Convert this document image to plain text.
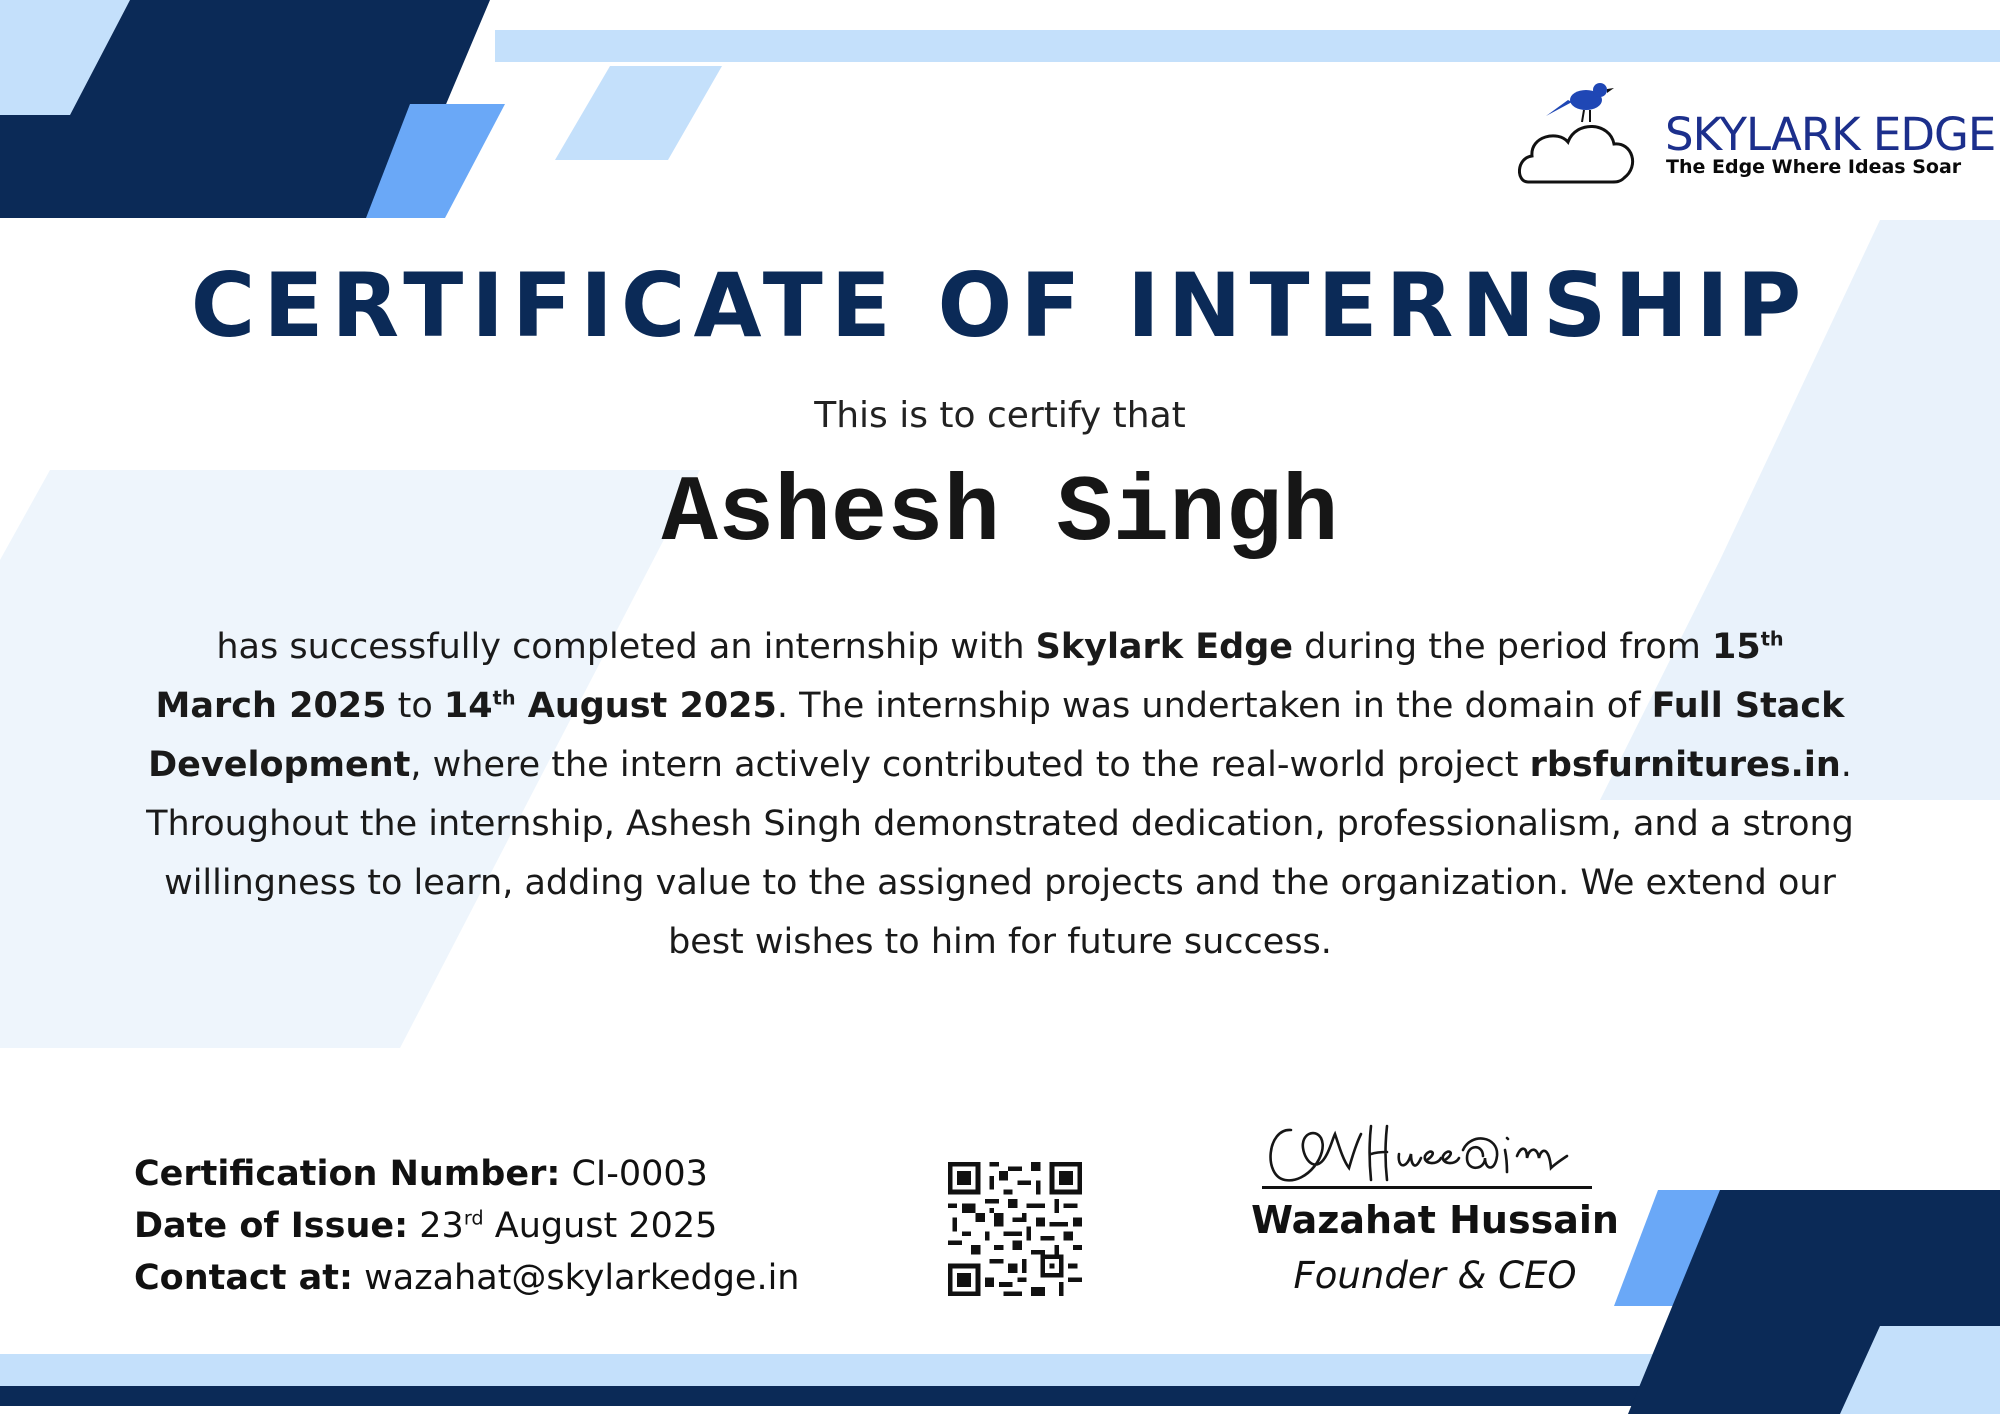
SKYLARK EDGE
The Edge Where Ideas Soar
CERTIFICATE OF INTERNSHIP
This is to certify that
Ashesh Singh
has successfully completed an internship with Skylark Edge during the period from 15th
March 2025 to 14th August 2025. The internship was undertaken in the domain of Full Stack Development, where the intern actively contributed to the real-world project rbsfurnitures.in. Throughout the internship, Ashesh Singh demonstrated dedication, professionalism, and a strong willingness to learn, adding value to the assigned projects and the organization. We extend our best wishes to him for future success.
Certification Number: CI-0003
Date of Issue: 23rd August 2025
Contact at: wazahat@skylarkedge.in
Wazahat Hussain
Founder & CEO
